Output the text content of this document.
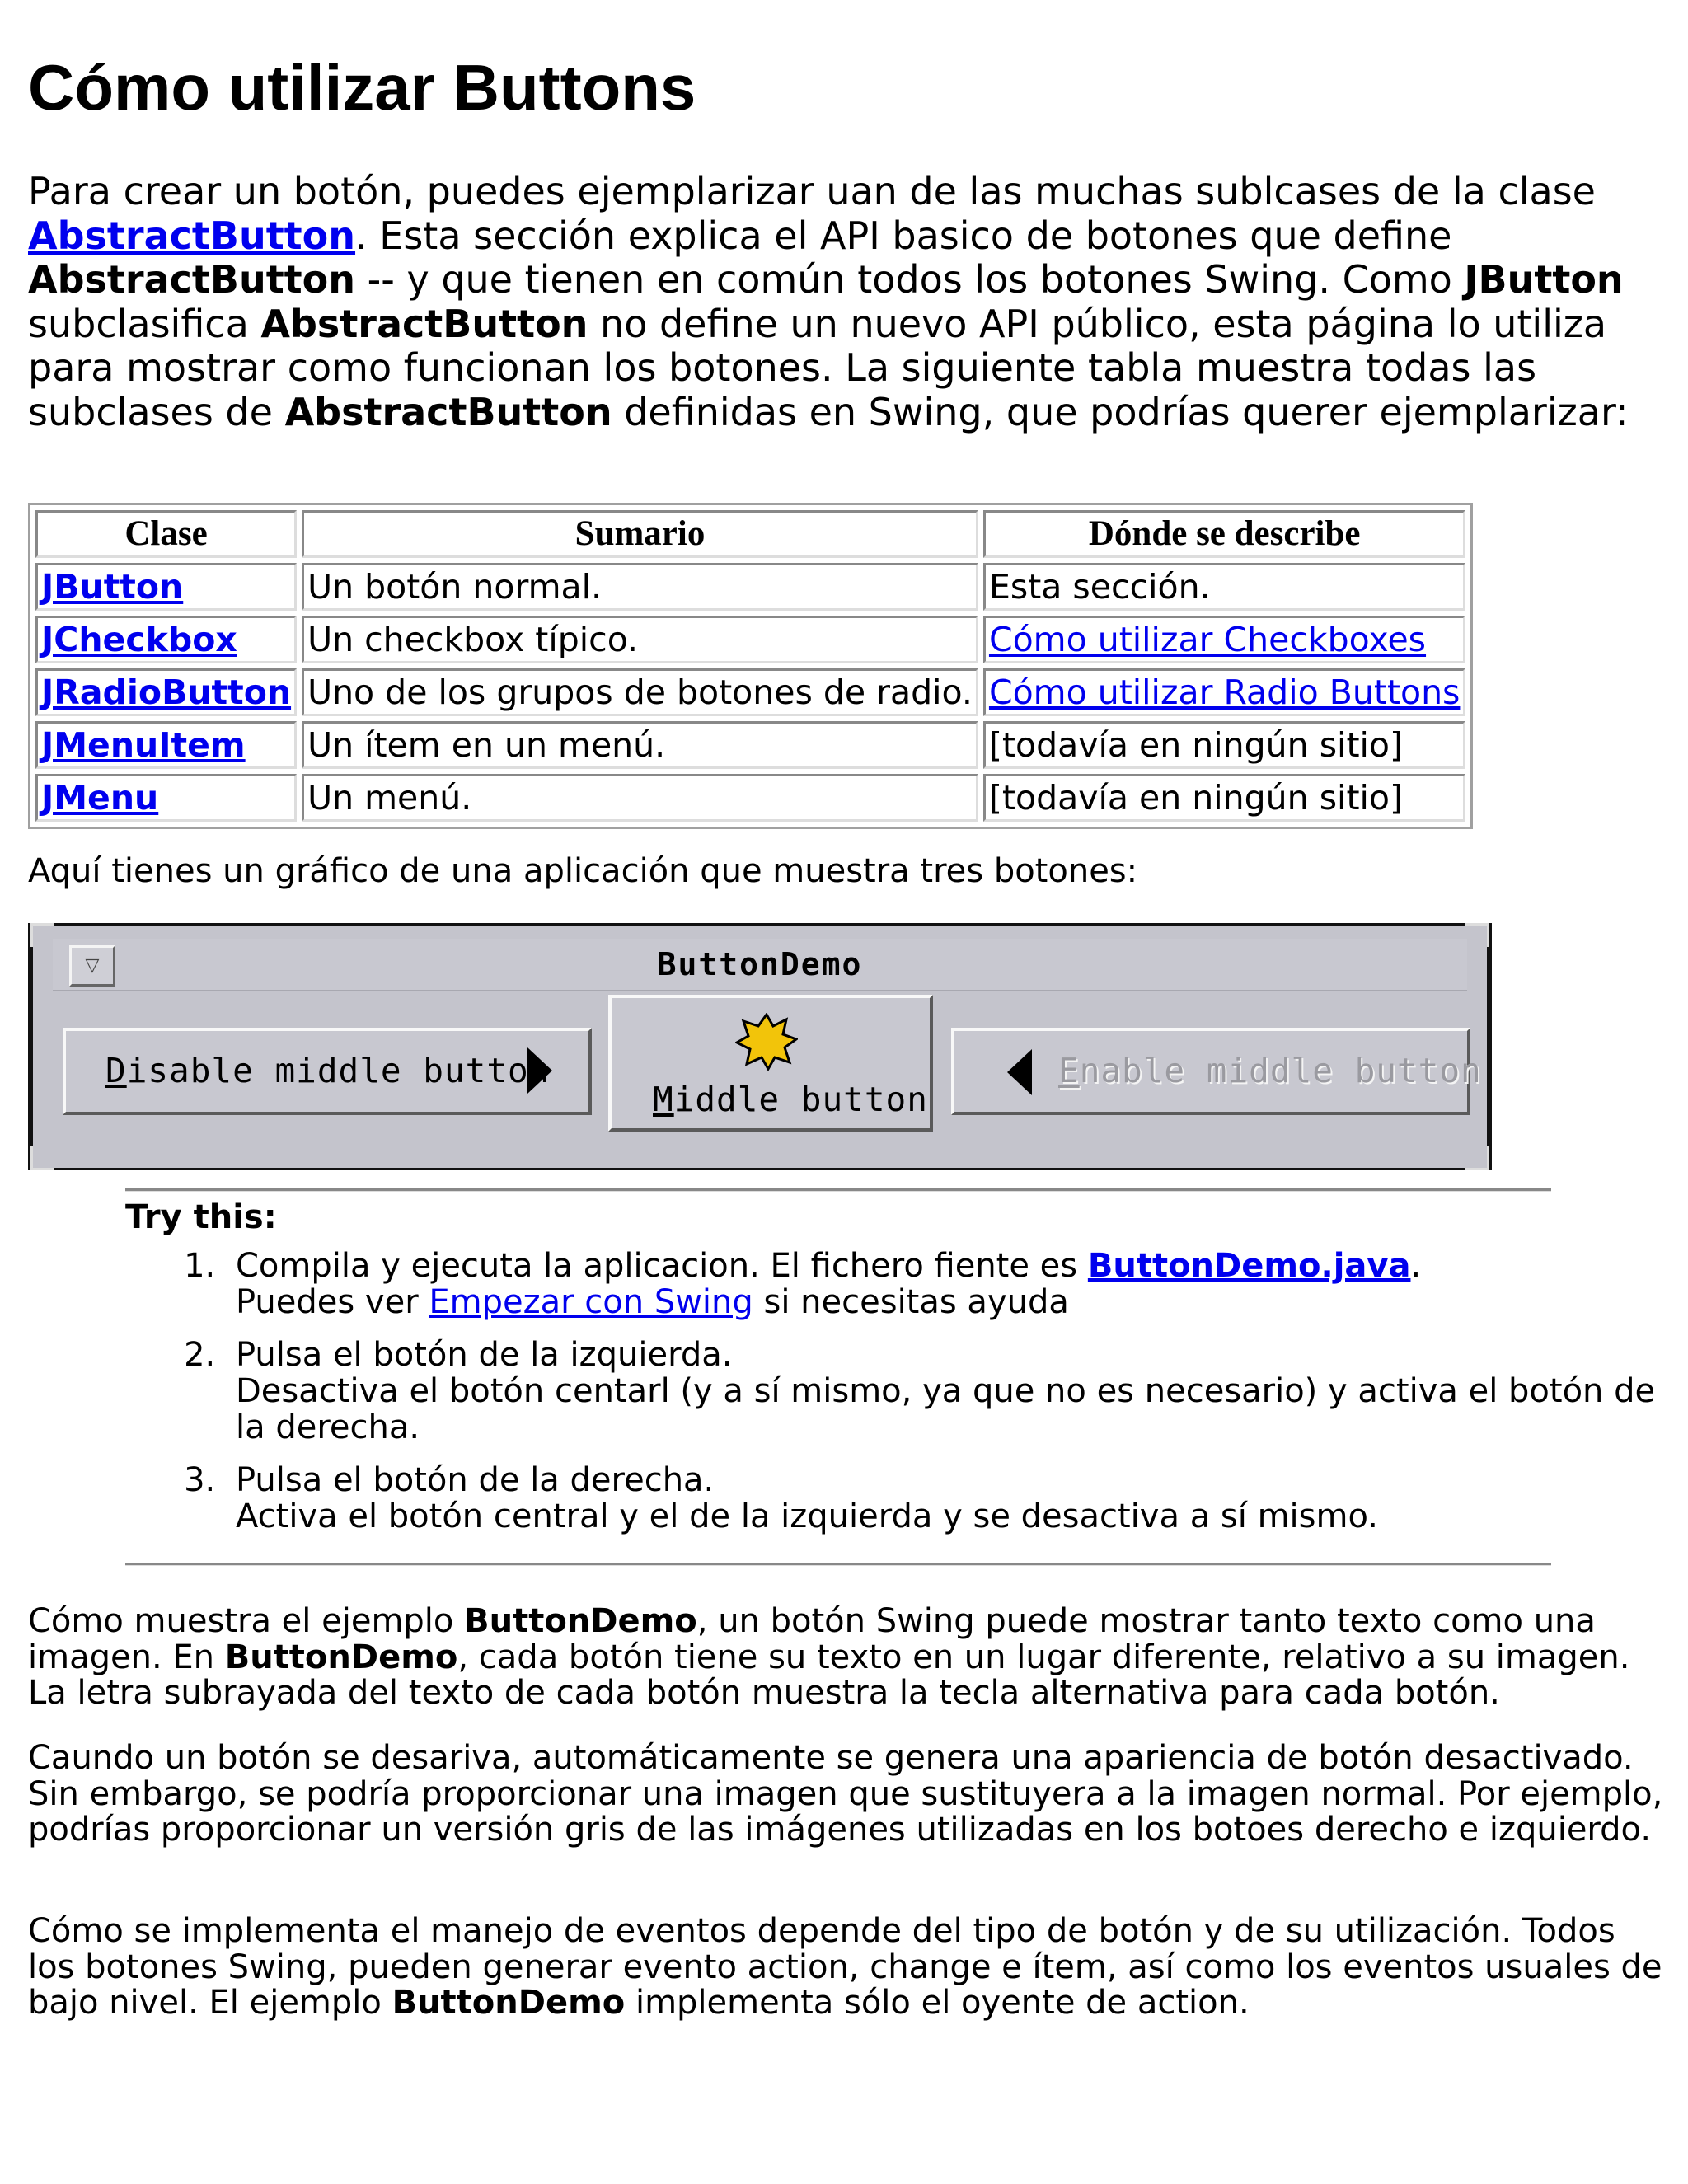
Cómo utilizar Buttons

Para crear un botón, puedes ejemplarizar uan de las muchas sublcases de la clase AbstractButton. Esta sección explica el API basico de botones que define AbstractButton -- y que tienen en común todos los botones Swing. Como JButton subclasifica AbstractButton no define un nuevo API público, esta página lo utiliza para mostrar como funcionan los botones. La siguiente tabla muestra todas las subclases de AbstractButton definidas en Swing, que podrías querer ejemplarizar:

Clase	Sumario	Dónde se describe
JButton	Un botón normal.	Esta sección.
JCheckbox	Un checkbox típico.	Cómo utilizar Checkboxes
JRadioButton	Uno de los grupos de botones de radio.	Cómo utilizar Radio Buttons
JMenuItem	Un ítem en un menú.	[todavía en ningún sitio]
JMenu	Un menú.	[todavía en ningún sitio]

Aquí tienes un gráfico de una aplicación que muestra tres botones:

▽	ButtonDemo
Disable middle button
Middle button
Enable middle button

Try this:

1. Compila y ejecuta la aplicacion. El fichero fiente es ButtonDemo.java.
Puedes ver Empezar con Swing si necesitas ayuda
2. Pulsa el botón de la izquierda.
Desactiva el botón centarl (y a sí mismo, ya que no es necesario) y activa el botón de la derecha.
3. Pulsa el botón de la derecha.
Activa el botón central y el de la izquierda y se desactiva a sí mismo.

Cómo muestra el ejemplo ButtonDemo, un botón Swing puede mostrar tanto texto como una imagen. En ButtonDemo, cada botón tiene su texto en un lugar diferente, relativo a su imagen. La letra subrayada del texto de cada botón muestra la tecla alternativa para cada botón.

Caundo un botón se desariva, automáticamente se genera una apariencia de botón desactivado. Sin embargo, se podría proporcionar una imagen que sustituyera a la imagen normal. Por ejemplo, podrías proporcionar un versión gris de las imágenes utilizadas en los botoes derecho e izquierdo.

Cómo se implementa el manejo de eventos depende del tipo de botón y de su utilización. Todos los botones Swing, pueden generar evento action, change e ítem, así como los eventos usuales de bajo nivel. El ejemplo ButtonDemo implementa sólo el oyente de action.
